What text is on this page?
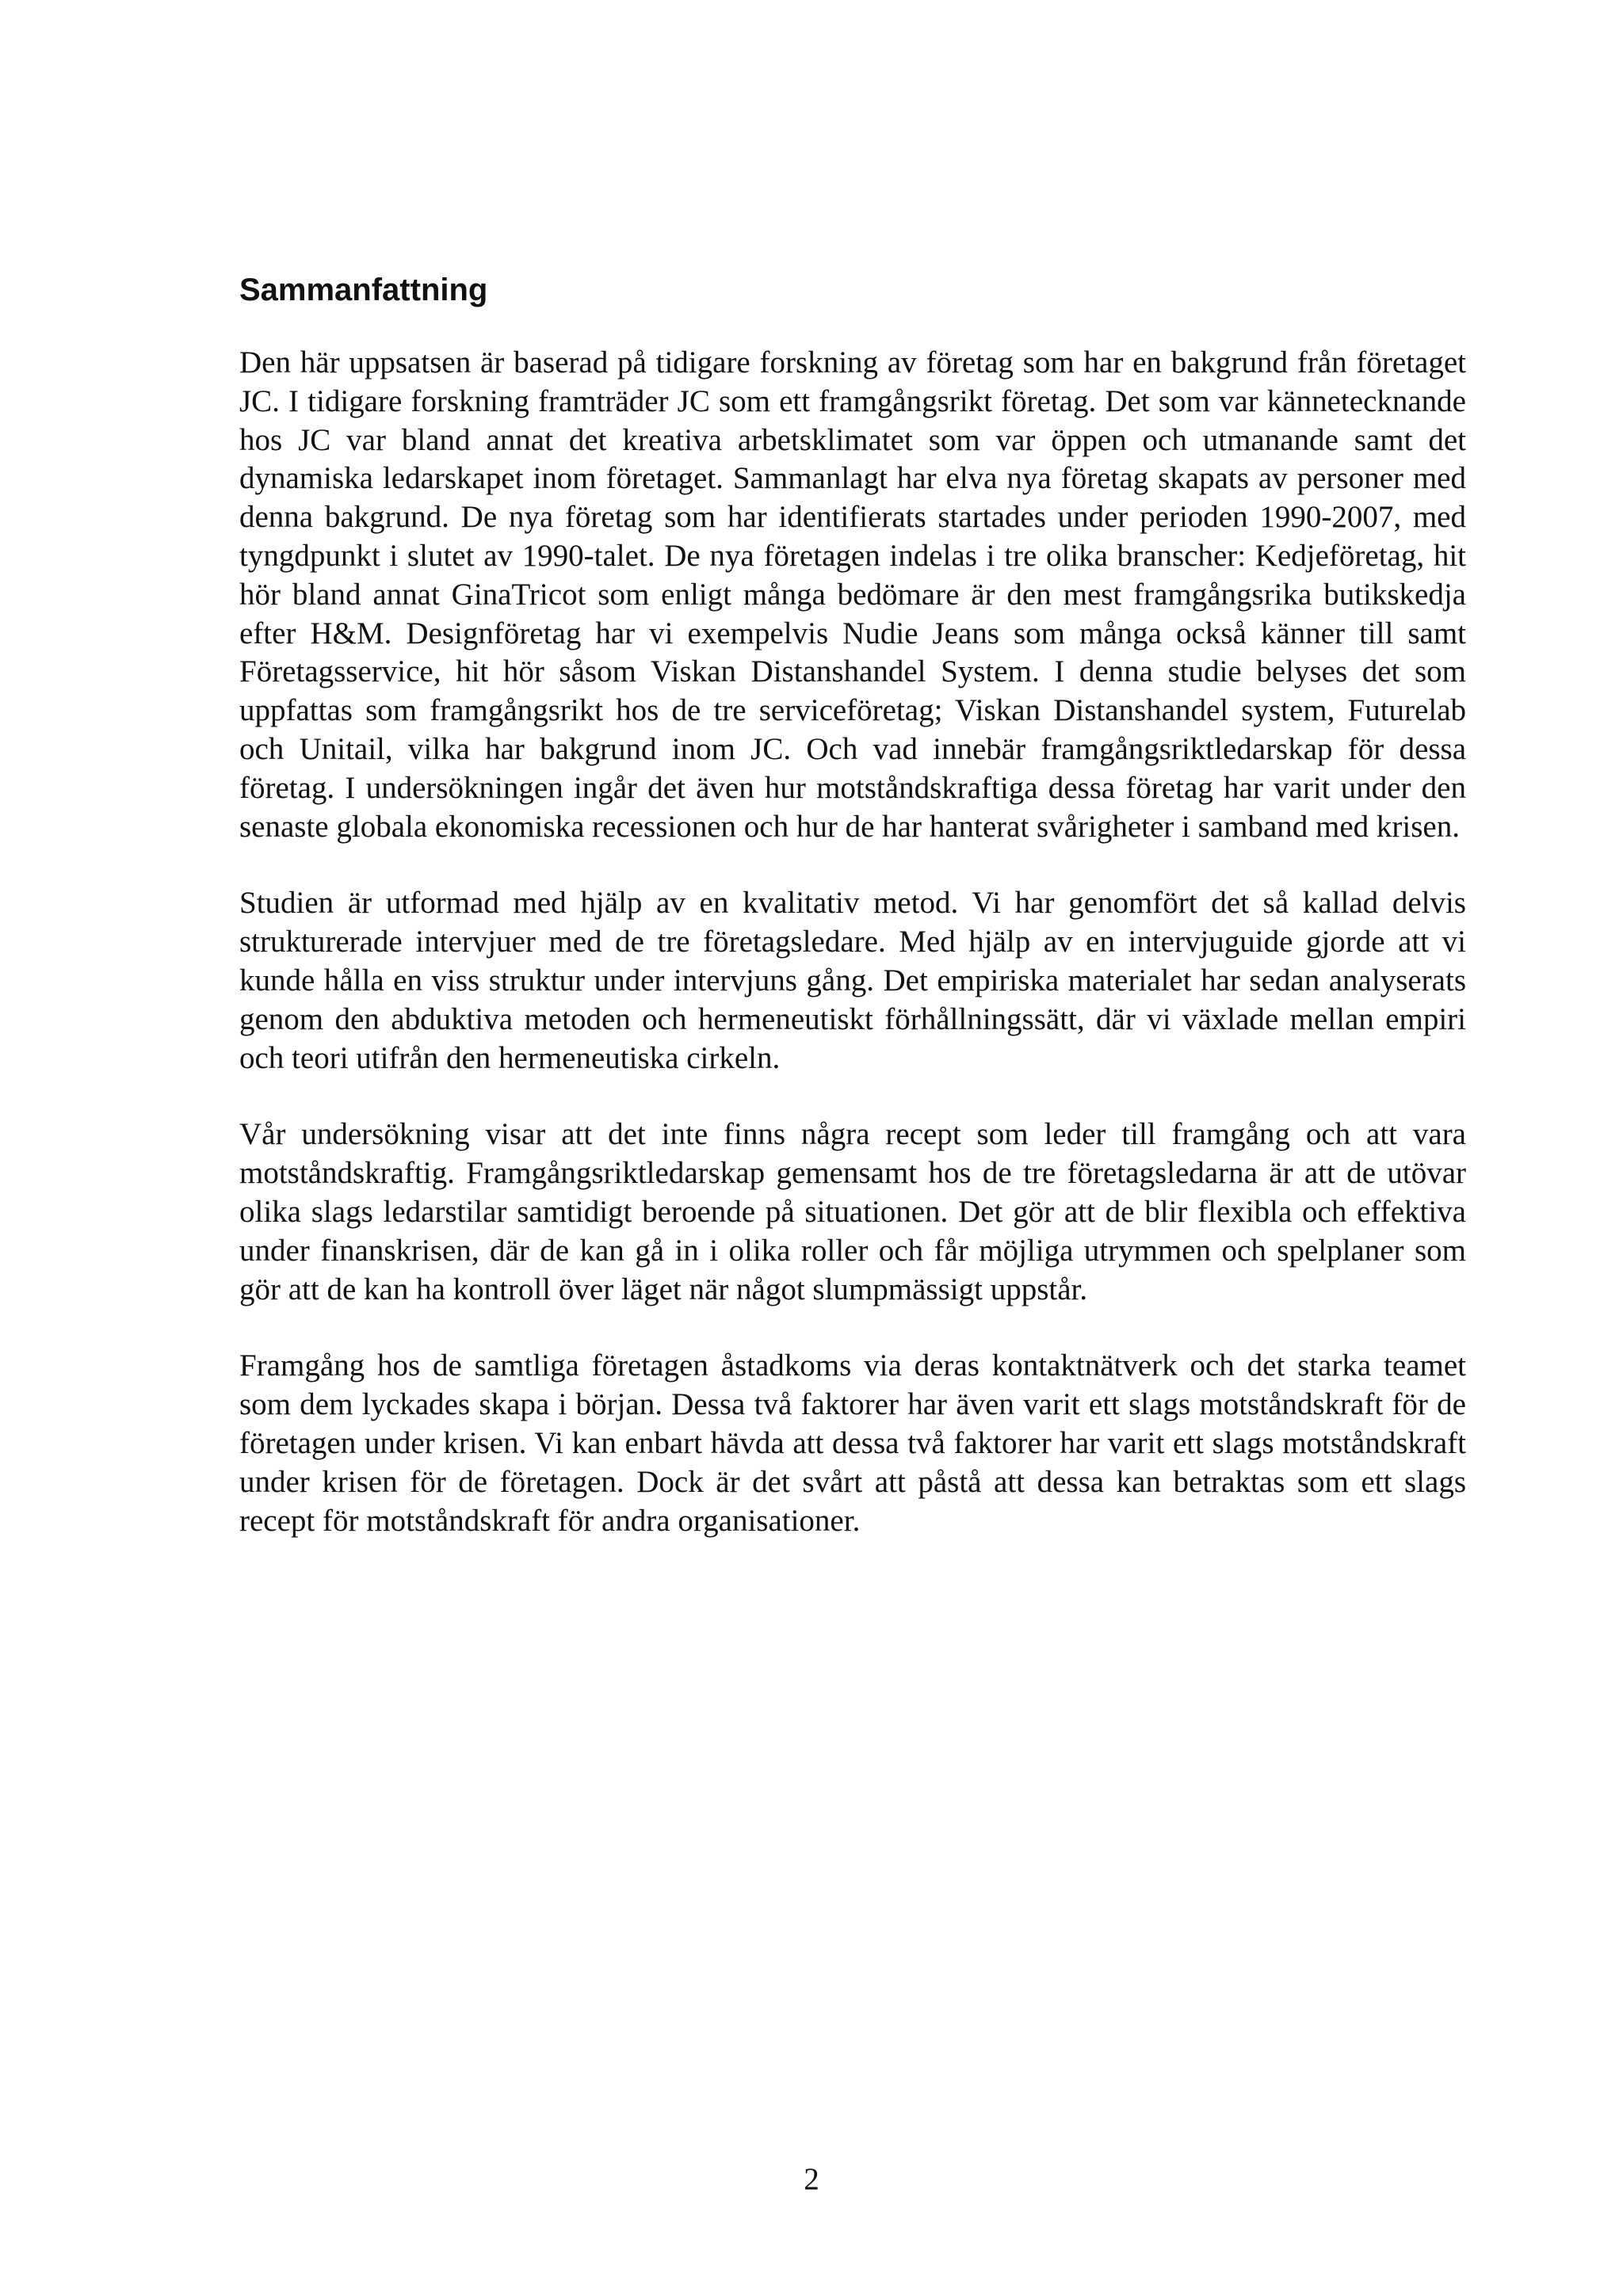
Sammanfattning

Den här uppsatsen är baserad på tidigare forskning av företag som har en bakgrund från företaget JC. I tidigare forskning framträder JC som ett framgångsrikt företag. Det som var kännetecknande hos JC var bland annat det kreativa arbetsklimatet som var öppen och utmanande samt det dynamiska ledarskapet inom företaget. Sammanlagt har elva nya företag skapats av personer med denna bakgrund. De nya företag som har identifierats startades under perioden 1990-2007, med tyngdpunkt i slutet av 1990-talet. De nya företagen indelas i tre olika branscher: Kedjeföretag, hit hör bland annat GinaTricot som enligt många bedömare är den mest framgångsrika butikskedja efter H&M. Designföretag har vi exempelvis Nudie Jeans som många också känner till samt Företagsservice, hit hör såsom Viskan Distanshandel System. I denna studie belyses det som uppfattas som framgångsrikt hos de tre serviceföretag; Viskan Distanshandel system, Futurelab och Unitail, vilka har bakgrund inom JC. Och vad innebär framgångsriktledarskap för dessa företag. I undersökningen ingår det även hur motståndskraftiga dessa företag har varit under den senaste globala ekonomiska recessionen och hur de har hanterat svårigheter i samband med krisen.

Studien är utformad med hjälp av en kvalitativ metod. Vi har genomfört det så kallad delvis strukturerade intervjuer med de tre företagsledare. Med hjälp av en intervjuguide gjorde att vi kunde hålla en viss struktur under intervjuns gång. Det empiriska materialet har sedan analyserats genom den abduktiva metoden och hermeneutiskt förhållningssätt, där vi växlade mellan empiri och teori utifrån den hermeneutiska cirkeln.

Vår undersökning visar att det inte finns några recept som leder till framgång och att vara motståndskraftig. Framgångsriktledarskap gemensamt hos de tre företagsledarna är att de utövar olika slags ledarstilar samtidigt beroende på situationen. Det gör att de blir flexibla och effektiva under finanskrisen, där de kan gå in i olika roller och får möjliga utrymmen och spelplaner som gör att de kan ha kontroll över läget när något slumpmässigt uppstår.

Framgång hos de samtliga företagen åstadkoms via deras kontaktnätverk och det starka teamet som dem lyckades skapa i början. Dessa två faktorer har även varit ett slags motståndskraft för de företagen under krisen. Vi kan enbart hävda att dessa två faktorer har varit ett slags motståndskraft under krisen för de företagen. Dock är det svårt att påstå att dessa kan betraktas som ett slags recept för motståndskraft för andra organisationer.

2
